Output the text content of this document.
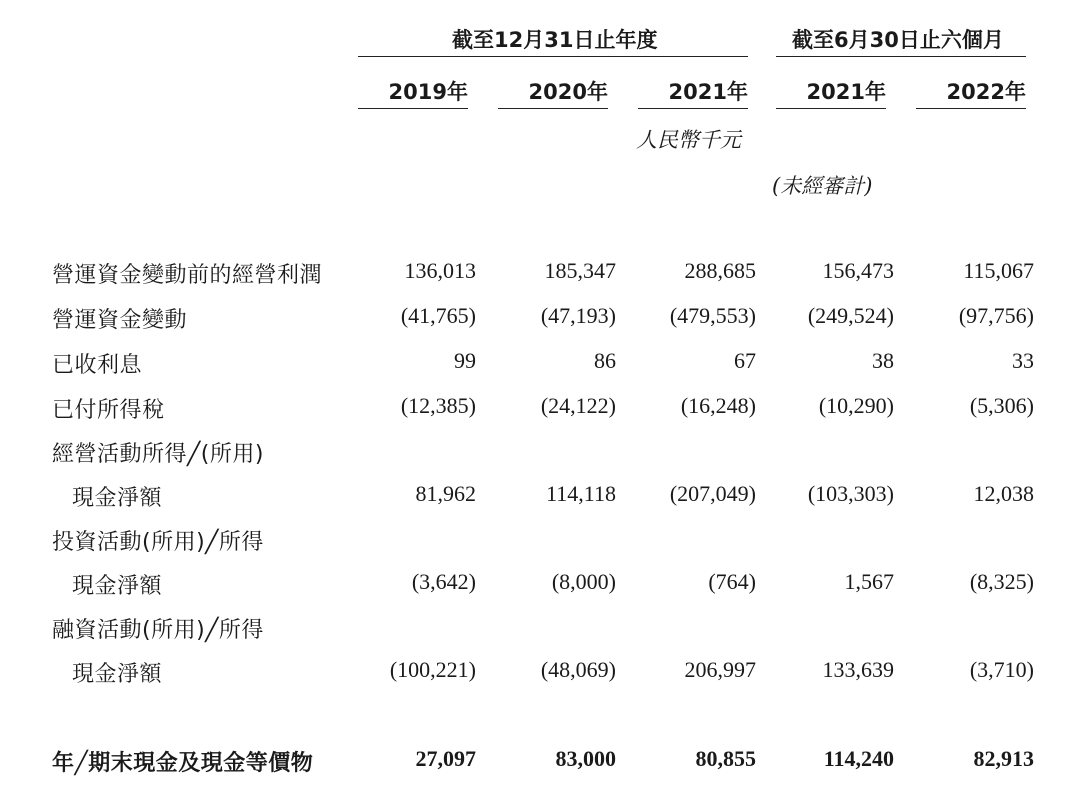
截至12月31日止年度	截至6月30日止六個月
2019年	2020年	2021年	2021年	2022年
人民幣千元
(未經審計)
營運資金變動前的經營利潤	136,013	185,347	288,685	156,473	115,067
營運資金變動	(41,765)	(47,193)	(479,553)	(249,524)	(97,756)
已收利息	99	86	67	38	33
已付所得稅	(12,385)	(24,122)	(16,248)	(10,290)	(5,306)
經營活動所得╱(所用)
現金淨額	81,962	114,118	(207,049)	(103,303)	12,038
投資活動(所用)╱所得
現金淨額	(3,642)	(8,000)	(764)	1,567	(8,325)
融資活動(所用)╱所得
現金淨額	(100,221)	(48,069)	206,997	133,639	(3,710)
年╱期末現金及現金等價物	27,097	83,000	80,855	114,240	82,913
